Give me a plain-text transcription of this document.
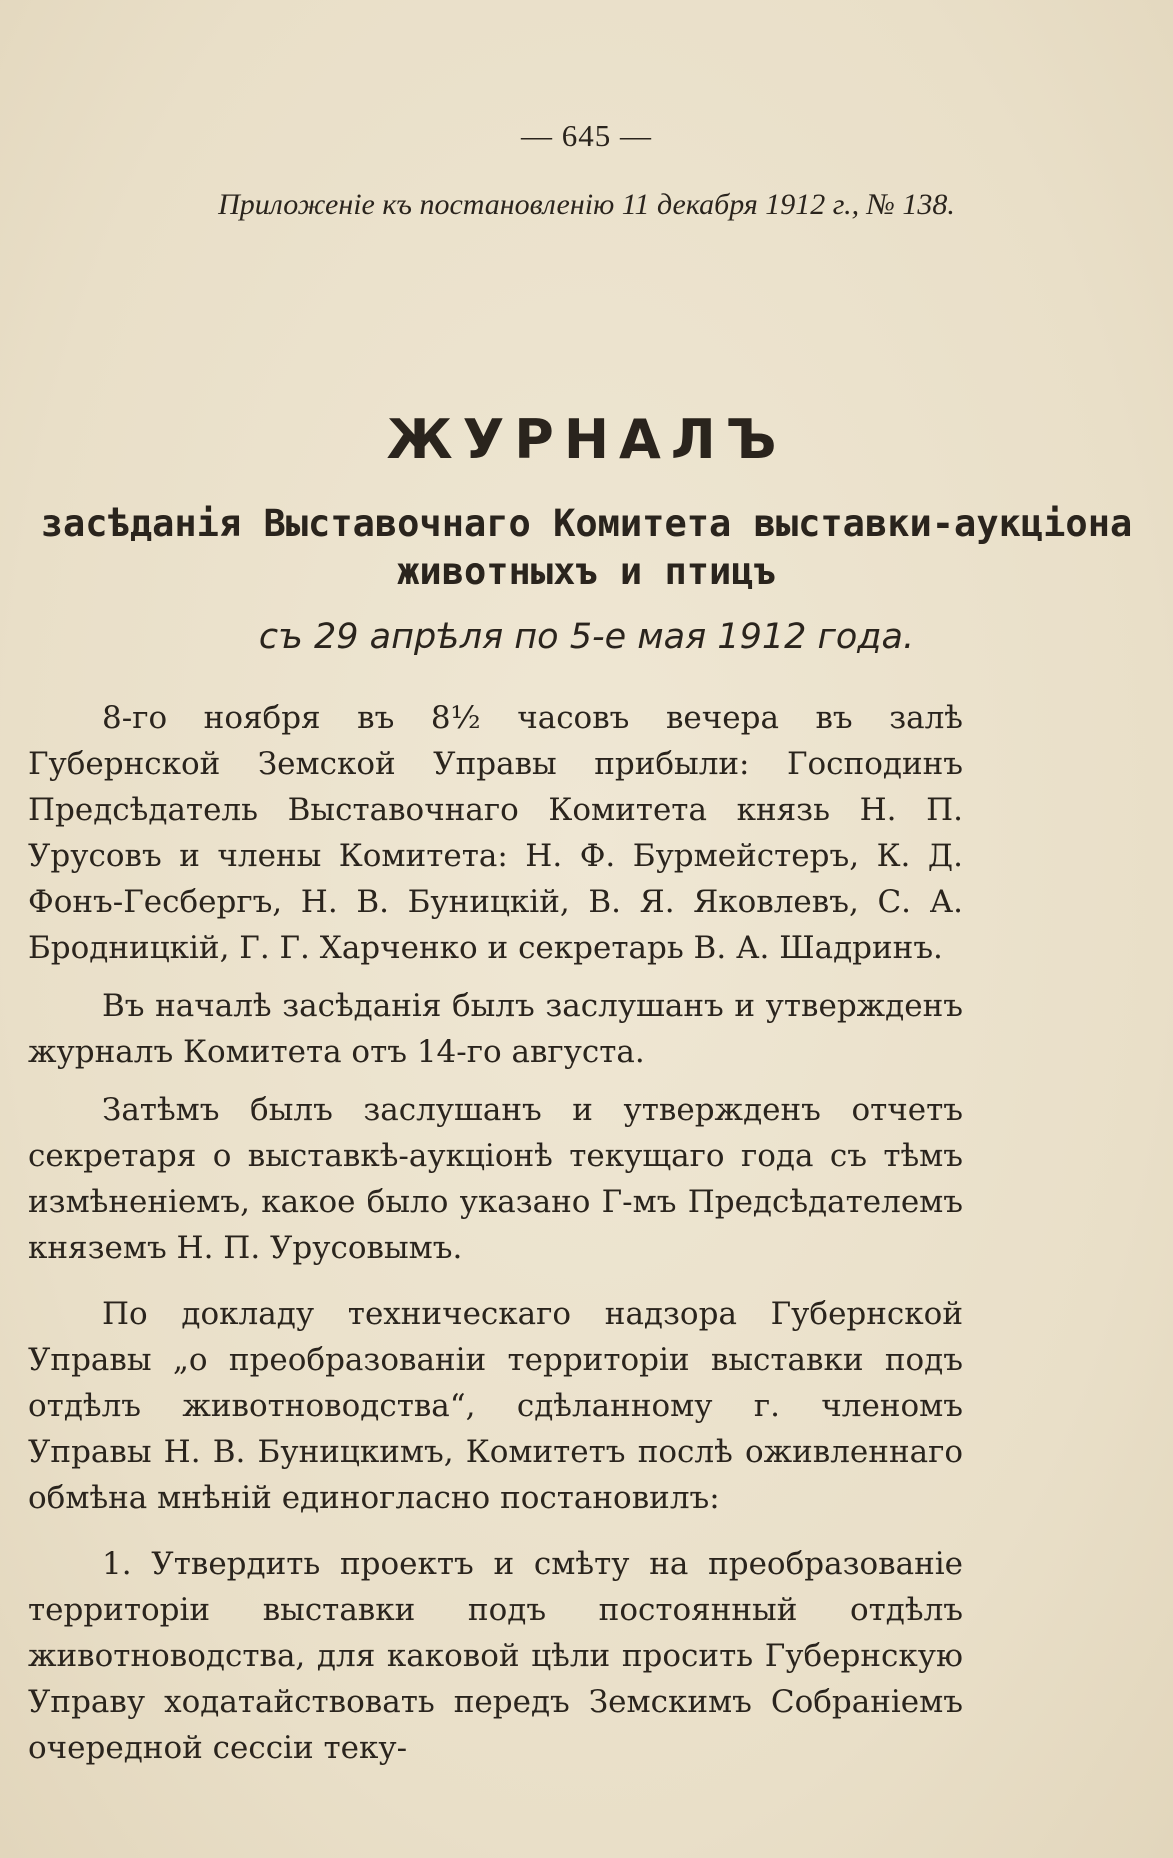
— 645 —
Приложеніе къ постановленію 11 декабря 1912 г., № 138.
ЖУРНАЛЪ
засѣданія Выставочнаго Комитета выставки-аукціона
животныхъ и птицъ
съ 29 апрѣля по 5-е мая 1912 года.

8-го ноября въ 8½ часовъ вечера въ залѣ Губернской Земской Управы прибыли: Господинъ Предсѣдатель Выставочнаго Комитета князь Н. П. Урусовъ и члены Комитета: Н. Ф. Бурмейстеръ, К. Д. Фонъ-Гесбергъ, Н. В. Буницкій, В. Я. Яковлевъ, С. А. Бродницкій, Г. Г. Харченко и секретарь В. А. Шадринъ.

Въ началѣ засѣданія былъ заслушанъ и утвержденъ журналъ Комитета отъ 14-го августа.

Затѣмъ былъ заслушанъ и утвержденъ отчетъ секретаря о выставкѣ-аукціонѣ текущаго года съ тѣмъ измѣненіемъ, какое было указано Г-мъ Предсѣдателемъ княземъ Н. П. Урусовымъ.

По докладу техническаго надзора Губернской Управы „о преобразованіи территоріи выставки подъ отдѣлъ животноводства“, сдѣланному г. членомъ Управы Н. В. Буницкимъ, Комитетъ послѣ оживленнаго обмѣна мнѣній единогласно постановилъ:

1. Утвердить проектъ и смѣту на преобразованіе территоріи выставки подъ постоянный отдѣлъ животноводства, для каковой цѣли просить Губернскую Управу ходатайствовать передъ Земскимъ Собраніемъ очередной сессіи теку-
